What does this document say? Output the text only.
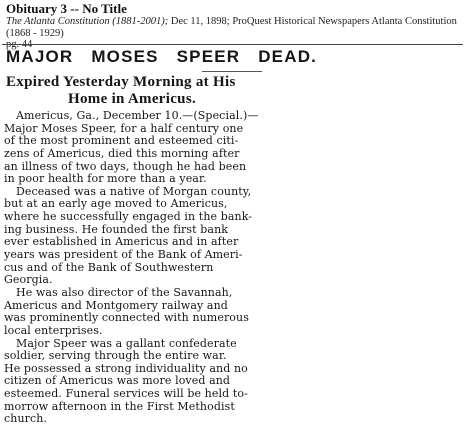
Obituary 3 -- No Title
The Atlanta Constitution (1881-2001); Dec 11, 1898; ProQuest Historical Newspapers Atlanta Constitution (1868 - 1929)
pg. 44
MAJOR MOSES SPEER DEAD.
Expired Yesterday Morning at His
Home in Americus.
Americus, Ga., December 10.—(Special.)—
Major Moses Speer, for a half century one
of the most prominent and esteemed citi-
zens of Americus, died this morning after
an illness of two days, though he had been
in poor health for more than a year.
Deceased was a native of Morgan county,
but at an early age moved to Americus,
where he successfully engaged in the bank-
ing business. He founded the first bank
ever established in Americus and in after
years was president of the Bank of Ameri-
cus and of the Bank of Southwestern
Georgia.
He was also director of the Savannah,
Americus and Montgomery railway and
was prominently connected with numerous
local enterprises.
Major Speer was a gallant confederate
soldier, serving through the entire war.
He possessed a strong individuality and no
citizen of Americus was more loved and
esteemed. Funeral services will be held to-
morrow afternoon in the First Methodist
church.
